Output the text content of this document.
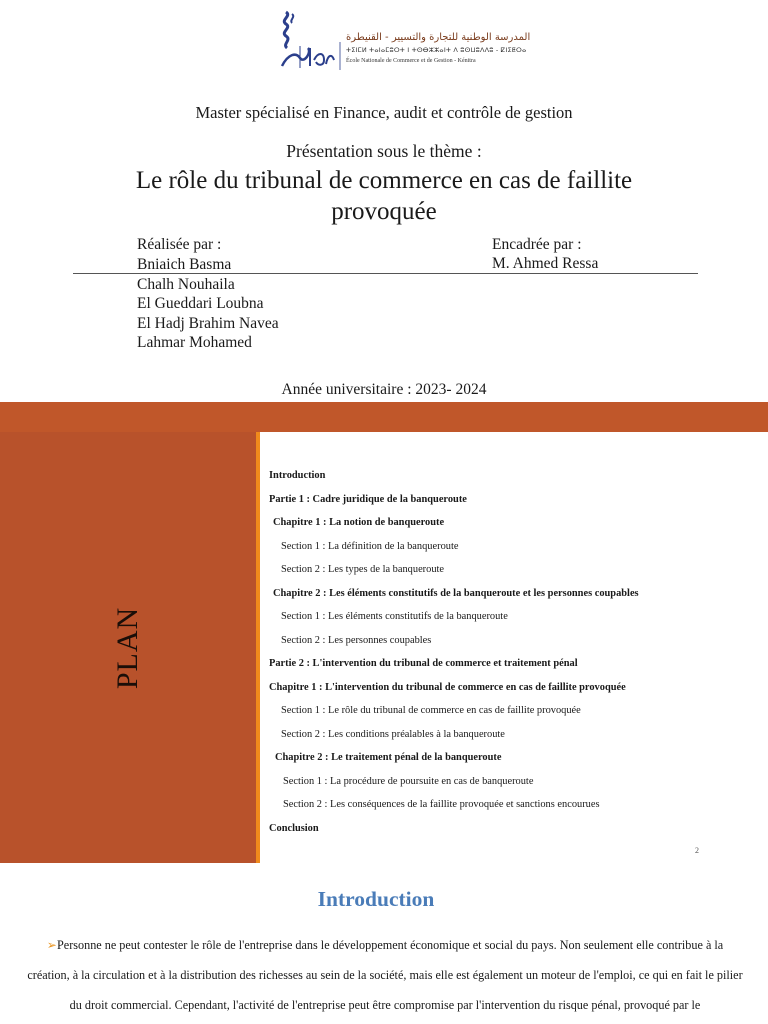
المدرسة الوطنية للتجارة والتسيير - القنيطرة
ⵜⵉⵏⵎⵍ ⵜⴰⵏⴰⵎⵓⵔⵜ ⵏ ⵜⵙⴱⵣⵣⴰⵏⵜ ⴷ ⵓⵙⵡⵓⴷⴷⵓ - ⵇⵏⵉⵟⵔⴰ
École Nationale de Commerce et de Gestion - Kénitra
Master spécialisé en Finance, audit et contrôle de gestion
Présentation sous le thème :
Le rôle du tribunal de commerce en cas de faillite provoquée
Réalisée par :	Encadrée par :
M. Ahmed Ressa
Bniaich Basma
Chalh Nouhaila
El Gueddari Loubna
El Hadj Brahim Navea
Lahmar Mohamed
Année universitaire : 2023- 2024
PLAN
Introduction
Partie 1 : Cadre juridique de la banqueroute
Chapitre 1 : La notion de banqueroute
Section 1 : La définition de la banqueroute
Section 2 : Les types de la banqueroute
Chapitre 2 : Les éléments constitutifs de la banqueroute et les personnes coupables
Section 1 : Les éléments constitutifs de la banqueroute
Section 2 : Les personnes coupables
Partie 2 : L'intervention du tribunal de commerce et traitement pénal
Chapitre 1 : L'intervention du tribunal de commerce en cas de faillite provoquée
Section 1 : Le rôle du tribunal de commerce en cas de faillite provoquée
Section 2 : Les conditions préalables à la banqueroute
Chapitre 2 : Le traitement pénal de la banqueroute
Section 1 : La procédure de poursuite en cas de banqueroute
Section 2 : Les conséquences de la faillite provoquée et sanctions encourues
Conclusion
2
Introduction
➢Personne ne peut contester le rôle de l'entreprise dans le développement économique et social du pays. Non seulement elle contribue à la création, à la circulation et à la distribution des richesses au sein de la société, mais elle est également un moteur de l'emploi, ce qui en fait le pilier du droit commercial. Cependant, l'activité de l'entreprise peut être compromise par l'intervention du risque pénal, provoqué par le
